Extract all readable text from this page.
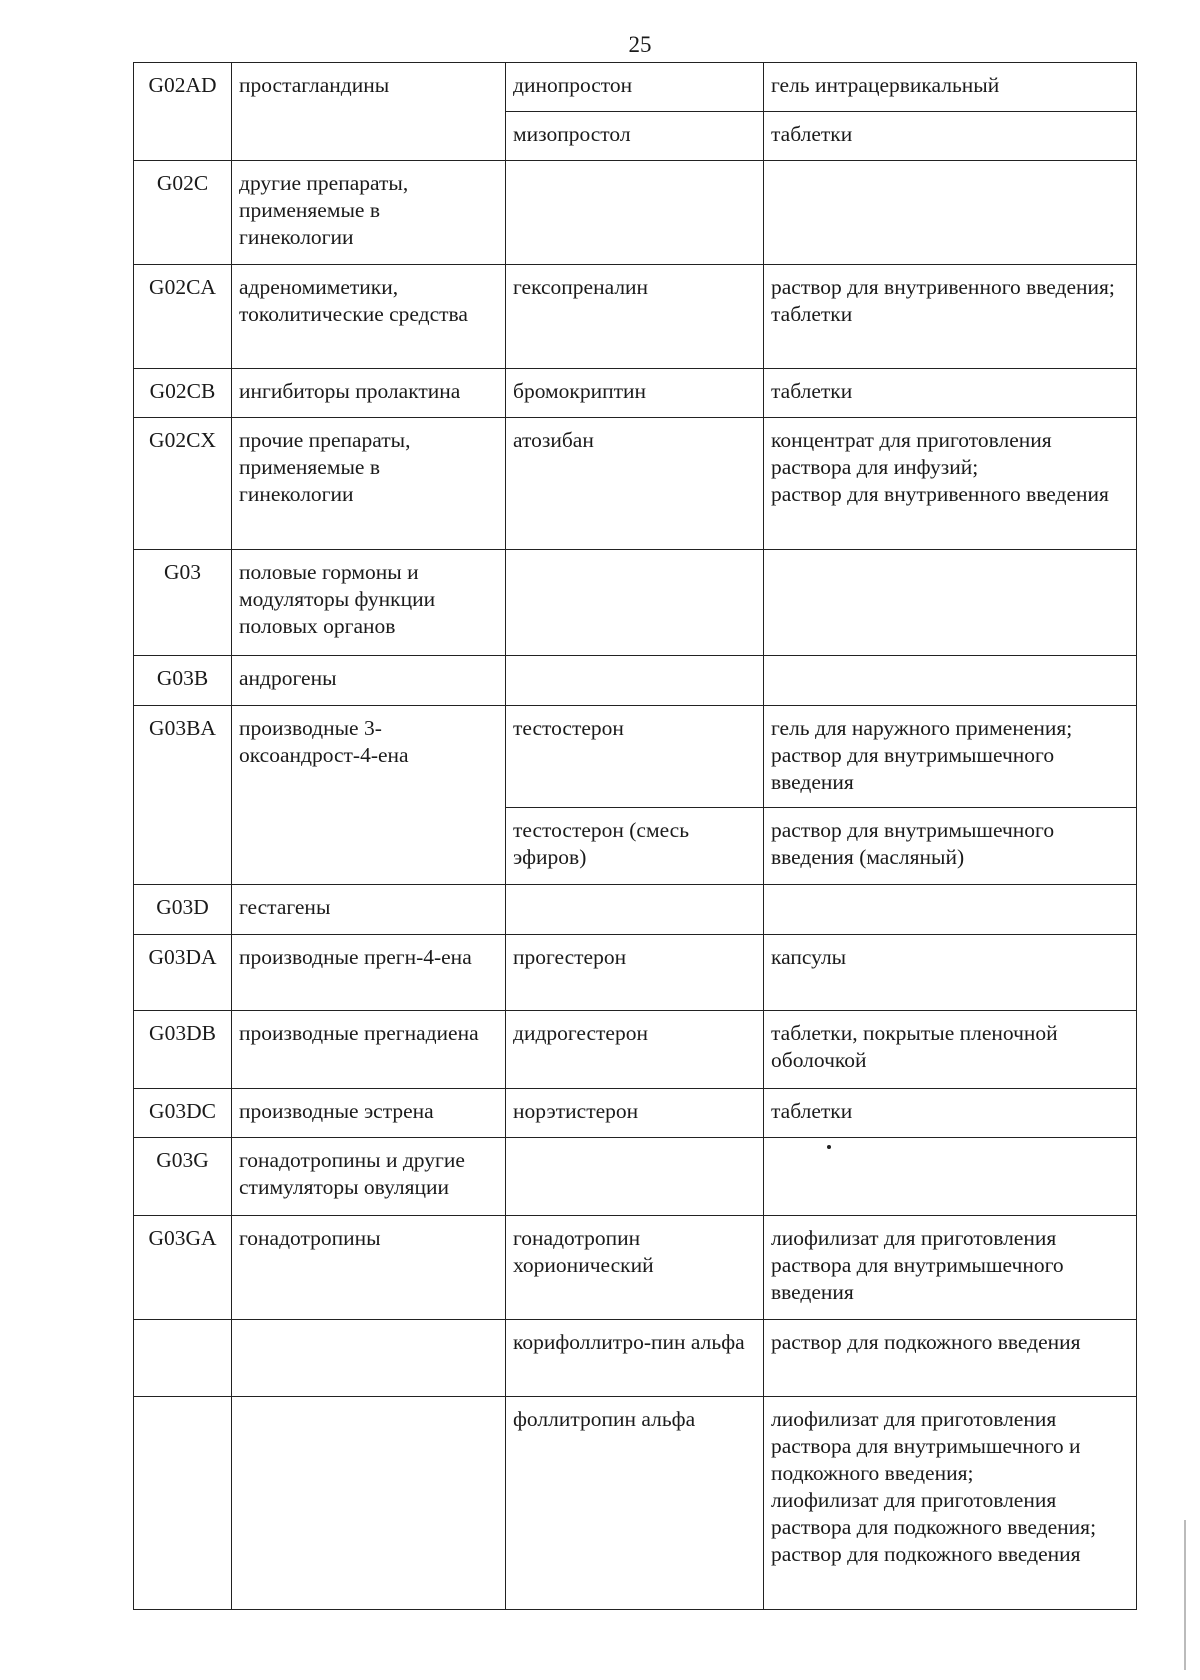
25
G02AD	простагландины	динопростон	гель интрацервикальный
		мизопростол	таблетки
G02C	другие препараты, применяемые в гинекологии		
G02CA	адреномиметики, токолитические средства	гексопреналин	раствор для внутривенного введения;
таблетки
G02CB	ингибиторы пролактина	бромокриптин	таблетки
G02CX	прочие препараты, применяемые в гинекологии	атозибан	концентрат для приготовления раствора для инфузий;
раствор для внутривенного введения
G03	половые гормоны и модуляторы функции половых органов		
G03B	андрогены		
G03BA	производные 3-оксоандрост-4-ена	тестостерон	гель для наружного применения;
раствор для внутримышечного введения
		тестостерон (смесь эфиров)	раствор для внутримышечного введения (масляный)
G03D	гестагены		
G03DA	производные прегн-4-ена	прогестерон	капсулы
G03DB	производные прегнадиена	дидрогестерон	таблетки, покрытые пленочной оболочкой
G03DC	производные эстрена	норэтистерон	таблетки
G03G	гонадотропины и другие стимуляторы овуляции		
G03GA	гонадотропины	гонадотропин хорионический	лиофилизат для приготовления раствора для внутримышечного введения
		корифоллитро-пин альфа	раствор для подкожного введения
		фоллитропин альфа	лиофилизат для приготовления раствора для внутримышечного и подкожного введения;
лиофилизат для приготовления раствора для подкожного введения;
раствор для подкожного введения
